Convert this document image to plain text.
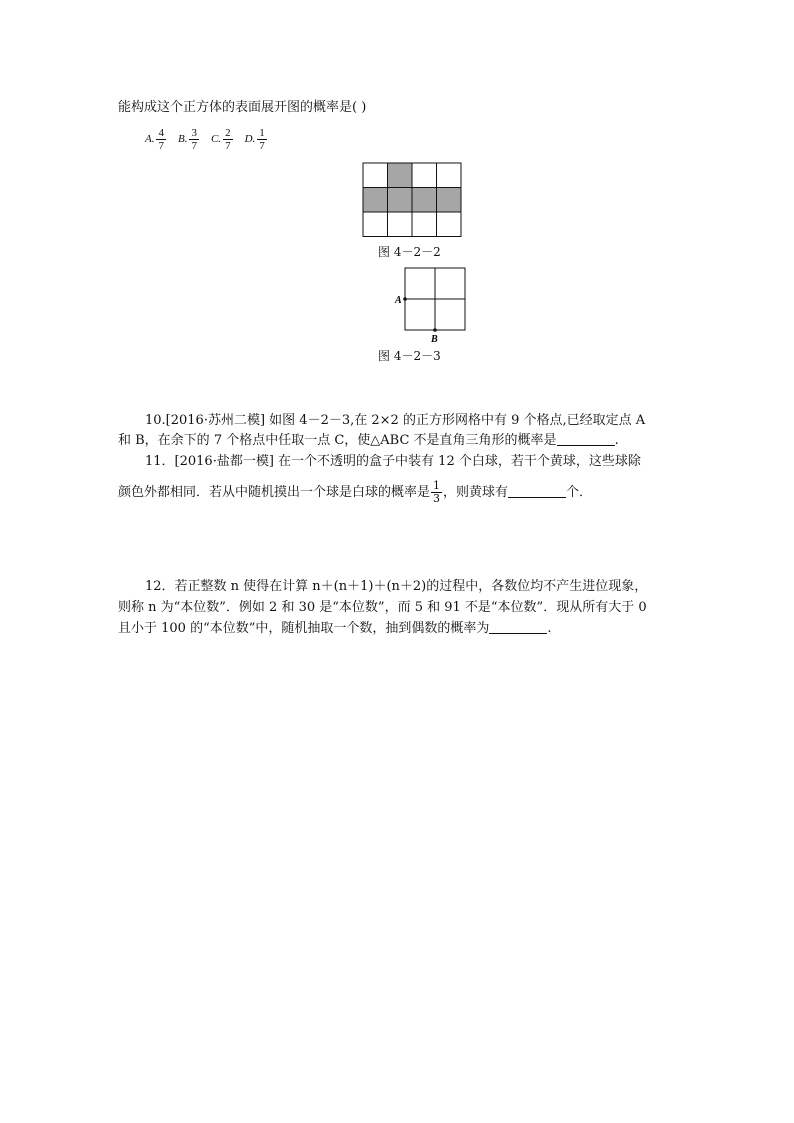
能构成这个正方体的表面展开图的概率是( )
A. $\frac{4}{7} B$. $\frac{3}{7} C$. $\frac{2}{7} D$. $\frac{1}{7}$
图 4－2－2
A
B
图 4－2－3
10.[2016·苏州二模] 如图 4－2－3,在 2×2 的正方形网格中有 9 个格点,已经取定点 A
和 B，在余下的 7 个格点中任取一点 C，使△ABC 不是直角三角形的概率是	.
11．[2016·盐都一模] 在一个不透明的盒子中装有 12 个白球，若干个黄球，这些球除
颜色外都相同．若从中随机摸出一个球是白球的概率是 $\frac{1}{3}$ ，则黄球有	个．
12．若正整数 n 使得在计算 n＋(n＋1)＋(n＋2)的过程中，各数位均不产生进位现象，
则称 n 为“本位数”．例如 2 和 30 是“本位数”，而 5 和 91 不是“本位数”．现从所有大于 0
且小于 100 的“本位数”中，随机抽取一个数，抽到偶数的概率为	.
